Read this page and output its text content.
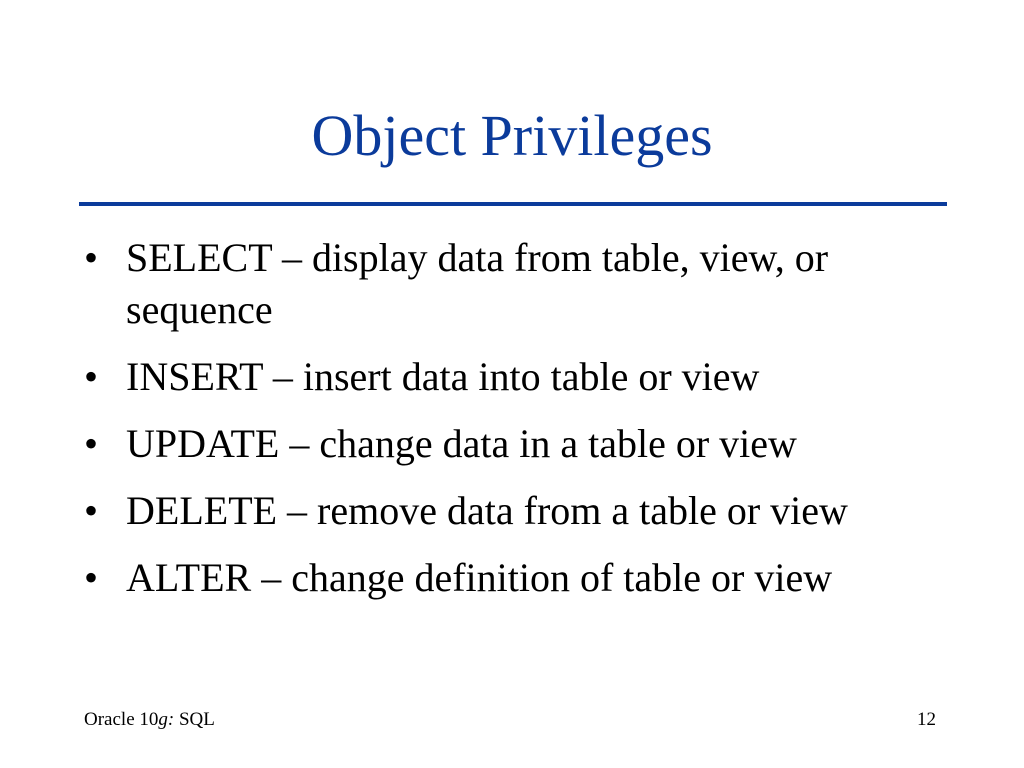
Object Privileges
• SELECT – display data from table, view, or sequence
• INSERT – insert data into table or view
• UPDATE – change data in a table or view
• DELETE – remove data from a table or view
• ALTER – change definition of table or view
Oracle 10g: SQL	12
